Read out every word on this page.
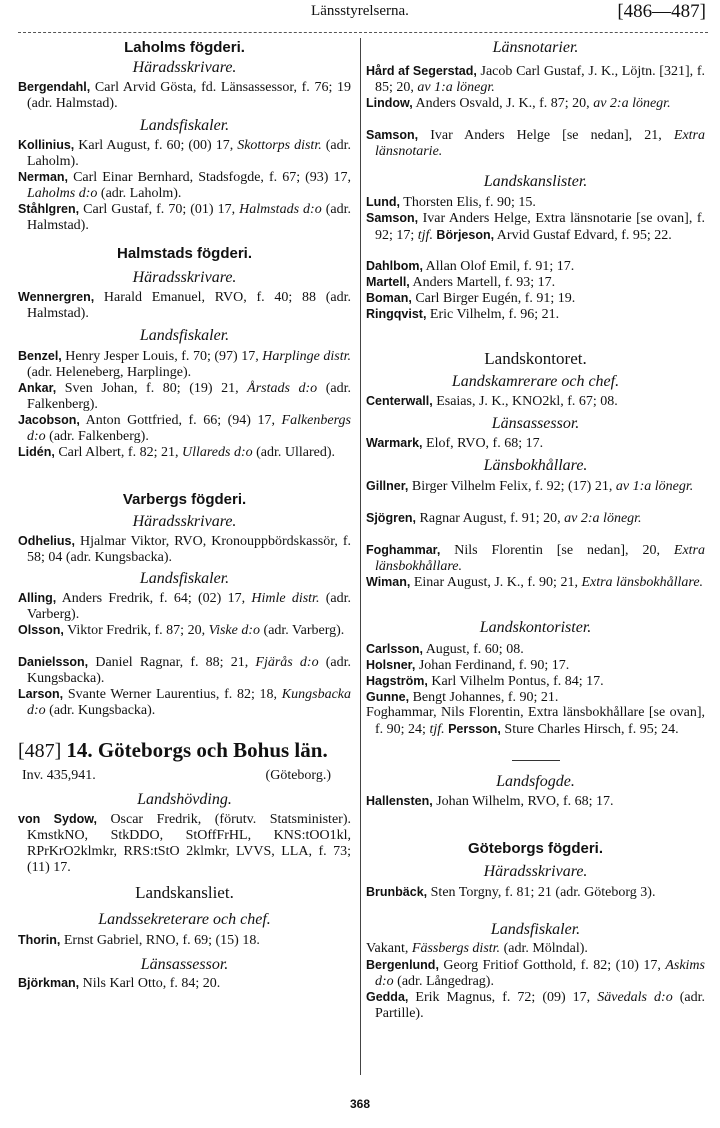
Länsstyrelserna.	[486—487]
Laholms fögderi.
Häradsskrivare.
Bergendahl, Carl Arvid Gösta, fd. Länsassessor, f. 76; 19 (adr. Halmstad).
Landsfiskaler.
Kollinius, Karl August, f. 60; (00) 17, Skottorps distr. (adr. Laholm).
Nerman, Carl Einar Bernhard, Stadsfogde, f. 67; (93) 17, Laholms d:o (adr. Laholm).
Ståhlgren, Carl Gustaf, f. 70; (01) 17, Halmstads d:o (adr. Halmstad).
Halmstads fögderi.
Häradsskrivare.
Wennergren, Harald Emanuel, RVO, f. 40; 88 (adr. Halmstad).
Landsfiskaler.
Benzel, Henry Jesper Louis, f. 70; (97) 17, Harplinge distr. (adr. Heleneberg, Harplinge).
Ankar, Sven Johan, f. 80; (19) 21, Årstads d:o (adr. Falkenberg).
Jacobson, Anton Gottfried, f. 66; (94) 17, Falkenbergs d:o (adr. Falkenberg).
Lidén, Carl Albert, f. 82; 21, Ullareds d:o (adr. Ullared).
Varbergs fögderi.
Häradsskrivare.
Odhelius, Hjalmar Viktor, RVO, Kronouppbördskassör, f. 58; 04 (adr. Kungsbacka).
Landsfiskaler.
Alling, Anders Fredrik, f. 64; (02) 17, Himle distr. (adr. Varberg).
Olsson, Viktor Fredrik, f. 87; 20, Viske d:o (adr. Varberg).
Danielsson, Daniel Ragnar, f. 88; 21, Fjärås d:o (adr. Kungsbacka).
Larson, Svante Werner Laurentius, f. 82; 18, Kungsbacka d:o (adr. Kungsbacka).
[487] 14. Göteborgs och Bohus län.
Inv. 435,941.	(Göteborg.)
Landshövding.
von Sydow, Oscar Fredrik, (förutv. Statsminister). KmstkNO, StkDDO, StOffFrHL, KNS:tOO1kl, RPrKrO2klmkr, RRS:tStO 2klmkr, LVVS, LLA, f. 73; (11) 17.
Landskansliet.
Landssekreterare och chef.
Thorin, Ernst Gabriel, RNO, f. 69; (15) 18.
Länsassessor.
Björkman, Nils Karl Otto, f. 84; 20.
Länsnotarier.
Hård af Segerstad, Jacob Carl Gustaf, J. K., Löjtn. [321], f. 85; 20, av 1:a lönegr.
Lindow, Anders Osvald, J. K., f. 87; 20, av 2:a lönegr.
Samson, Ivar Anders Helge [se nedan], 21, Extra länsnotarie.
Landskanslister.
Lund, Thorsten Elis, f. 90; 15.
Samson, Ivar Anders Helge, Extra länsnotarie [se ovan], f. 92; 17; tjf. Börjeson, Arvid Gustaf Edvard, f. 95; 22.
Dahlbom, Allan Olof Emil, f. 91; 17.
Martell, Anders Martell, f. 93; 17.
Boman, Carl Birger Eugén, f. 91; 19.
Ringqvist, Eric Vilhelm, f. 96; 21.
Landskontoret.
Landskamrerare och chef.
Centerwall, Esaias, J. K., KNO2kl, f. 67; 08.
Länsassessor.
Warmark, Elof, RVO, f. 68; 17.
Länsbokhållare.
Gillner, Birger Vilhelm Felix, f. 92; (17) 21, av 1:a lönegr.
Sjögren, Ragnar August, f. 91; 20, av 2:a lönegr.
Foghammar, Nils Florentin [se nedan], 20, Extra länsbokhållare.
Wiman, Einar August, J. K., f. 90; 21, Extra länsbokhållare.
Landskontorister.
Carlsson, August, f. 60; 08.
Holsner, Johan Ferdinand, f. 90; 17.
Hagström, Karl Vilhelm Pontus, f. 84; 17.
Gunne, Bengt Johannes, f. 90; 21.
Foghammar, Nils Florentin, Extra länsbokhållare [se ovan], f. 90; 24; tjf. Persson, Sture Charles Hirsch, f. 95; 24.
Landsfogde.
Hallensten, Johan Wilhelm, RVO, f. 68; 17.
Göteborgs fögderi.
Häradsskrivare.
Brunbäck, Sten Torgny, f. 81; 21 (adr. Göteborg 3).
Landsfiskaler.
Vakant, Fässbergs distr. (adr. Mölndal).
Bergenlund, Georg Fritiof Gotthold, f. 82; (10) 17, Askims d:o (adr. Långedrag).
Gedda, Erik Magnus, f. 72; (09) 17, Sävedals d:o (adr. Partille).
368
